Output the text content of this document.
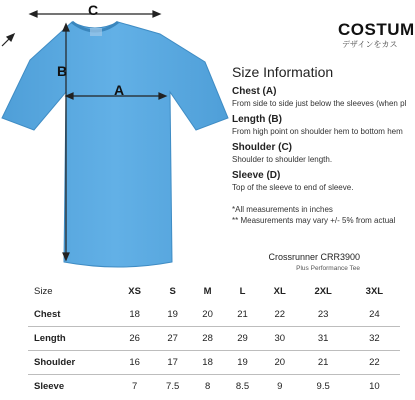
C
B
A
COSTUM
デザインをカス
Size Information
Chest (A)
From side to side just below the sleeves (when pl
Length (B)
From high point on shoulder hem to bottom hem
Shoulder (C)
Shoulder to shoulder length.
Sleeve (D)
Top of the sleeve to end of sleeve.
*All measurements in inches
** Measurements may vary +/- 5% from actual
Crossrunner CRR3900
Plus Performance Tee
Size	XS	S	M	L	XL	2XL	3XL
Chest	18	19	20	21	22	23	24
Length	26	27	28	29	30	31	32
Shoulder	16	17	18	19	20	21	22
Sleeve	7	7.5	8	8.5	9	9.5	10
